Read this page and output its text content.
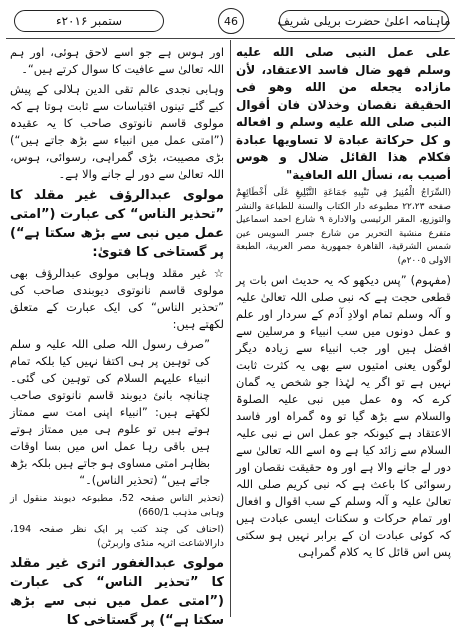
ستمبر ۲۰۱۶ء	46	ماہنامہ اعلیٰ حضرت بریلی شریف

على عمل النبى صلى الله عليه وسلم فهو ضال فاسد الاعتقاد، لأن مازاده يجعله من الله وهو فى الحقيقة نقصان وخذلان فان أقوال النبى صلى الله عليه وسلم و افعاله و كل حركاتة عبادة لا تساويها عبادة فكلام هذا القائل ضلال و هوس أصيب به، نسأل الله العافية"

(السِّرَاجُ الْمُنِيرُ فِي تَنْبِيهِ جَمَاعَةِ التَّبْلِيغِ عَلَى أَخْطَائِهِمْ صفحه ٢٢،٢٣ مطبوعه دار الكتاب والسنة للطباعة والنشر والتوزيع، المقر الرئيسى والادارة ٩ شارع احمد اسماعيل متفرع منشية التحرير من شارع جسر السويس عين شمس الشرقية، القاهرة جمهورية مصر العربية، الطبعة الاولى ٢٠٠٥م)

(مفہوم) ”پس دیکھو کہ یہ حدیث اس بات پر قطعی حجت ہے کہ نبی صلی اللہ تعالیٰ علیہ و آلہ وسلم تمام اولادِ آدم کے سردار اور علم و عمل دونوں میں سب انبیاء و مرسلین سے افضل ہیں اور جب انبیاء سے زیادہ دیگر لوگوں یعنی امتیوں سے بھی یہ کثرت ثابت نہیں ہے تو اگر یہ لہٰذا جو شخص یہ گمان کرے کہ وہ عمل میں نبی علیہ الصلوۃ والسلام سے بڑھ گیا تو وہ گمراہ اور فاسد الاعتقاد ہے کیونکہ جو عمل اس نے نبی علیہ السلام سے زائد کیا ہے وہ اسے اللہ تعالیٰ سے دور لے جانے والا ہے اور وہ حقیقت نقصان اور رسوائی کا باعث ہے کہ نبی کریم صلی اللہ تعالیٰ علیہ و آلہ وسلم کے سب اقوال و افعال اور تمام حرکات و سکنات ایسی عبادت ہیں کہ کوئی عبادت ان کے برابر نہیں ہو سکتی پس اس قائل کا یہ کلام گمراہی

اور ہوس ہے جو اسے لاحق ہوئی، اور ہم اللہ تعالیٰ سے عافیت کا سوال کرتے ہیں“۔

وہابی نجدی عالم تقی الدین ہلالی کے پیش کیے گئے تینوں اقتباسات سے ثابت ہوتا ہے کہ مولوی قاسم نانوتوی صاحب کا یہ عقیدہ (”امتی عمل میں انبیاء سے بڑھ جاتے ہیں“) بڑی مصیبت، بڑی گمراہی، رسوائی، ہوس، اللہ تعالیٰ سے دور لے جانے والا ہے۔

مولوی عبدالرؤف غیر مقلد کا ”تحذیر الناس“ کی عبارت (”امتی عمل میں نبی سے بڑھ سکتا ہے“) پر گستاخی کا فتویٰ:

☆ غیر مقلد وہابی مولوی عبدالرؤف بھی مولوی قاسم نانوتوی دیوبندی صاحب کی ”تحذیر الناس“ کی ایک عبارت کے متعلق لکھتے ہیں:

”صرف رسول اللہ صلی اللہ علیہ و سلم کی توہین پر ہی اکتفا نہیں کیا بلکہ تمام انبیاء علیہم السلام کی توہین کی گئی۔ چنانچہ بانیٔ دیوبند قاسم نانوتوی صاحب لکھتے ہیں: ”انبیاء اپنی امت سے ممتاز ہوتے ہیں تو علوم ہی میں ممتاز ہوتے ہیں باقی رہا عمل اس میں بسا اوقات بظاہر امتی مساوی ہو جاتے ہیں بلکہ بڑھ جاتے ہیں“ (تحذیر الناس)۔“

(تحذیر الناس صفحہ 52، مطبوعہ دیوبند منقول از وہابی مذہب 660/1)

(احناف کی چند کتب پر ایک نظر صفحہ 194، دارالاشاعت اثریہ منڈی واربرٹن)

مولوی عبدالغفور اثری غیر مقلد کا ”تحذیر الناس“ کی عبارت (”امتی عمل میں نبی سے بڑھ سکتا ہے“) پر گستاخی کا
